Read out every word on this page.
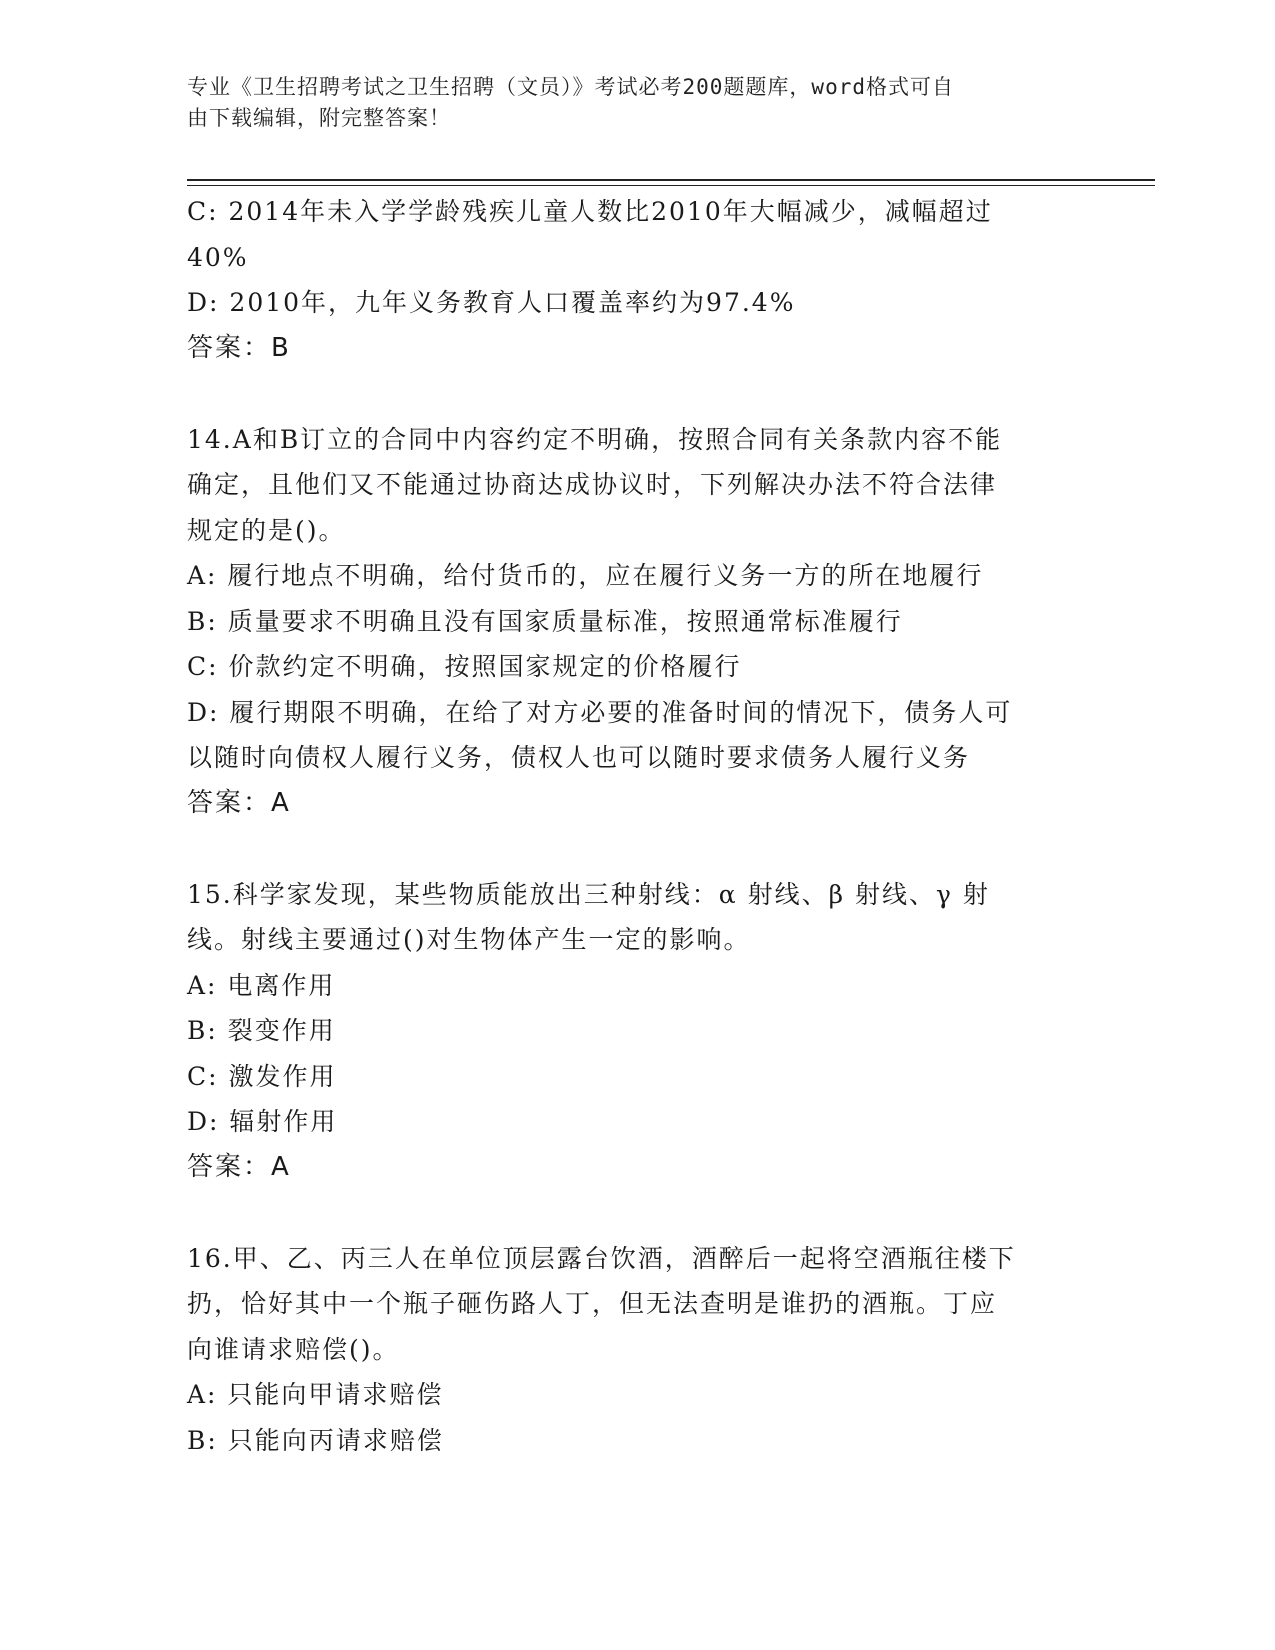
专业《卫生招聘考试之卫生招聘（文员）》考试必考200题题库，word格式可自
由下载编辑，附完整答案！
C: 2014年未入学学龄残疾儿童人数比2010年大幅减少，减幅超过
40%
D: 2010年，九年义务教育人口覆盖率约为97.4%
答案：B
14.A和B订立的合同中内容约定不明确，按照合同有关条款内容不能
确定，且他们又不能通过协商达成协议时，下列解决办法不符合法律
规定的是()。
A: 履行地点不明确，给付货币的，应在履行义务一方的所在地履行
B: 质量要求不明确且没有国家质量标准，按照通常标准履行
C: 价款约定不明确，按照国家规定的价格履行
D: 履行期限不明确，在给了对方必要的准备时间的情况下，债务人可
以随时向债权人履行义务，债权人也可以随时要求债务人履行义务
答案：A
15.科学家发现，某些物质能放出三种射线：α 射线、β 射线、γ 射
线。射线主要通过()对生物体产生一定的影响。
A: 电离作用
B: 裂变作用
C: 激发作用
D: 辐射作用
答案：A
16.甲、乙、丙三人在单位顶层露台饮酒，酒醉后一起将空酒瓶往楼下
扔，恰好其中一个瓶子砸伤路人丁，但无法查明是谁扔的酒瓶。丁应
向谁请求赔偿()。
A: 只能向甲请求赔偿
B: 只能向丙请求赔偿
